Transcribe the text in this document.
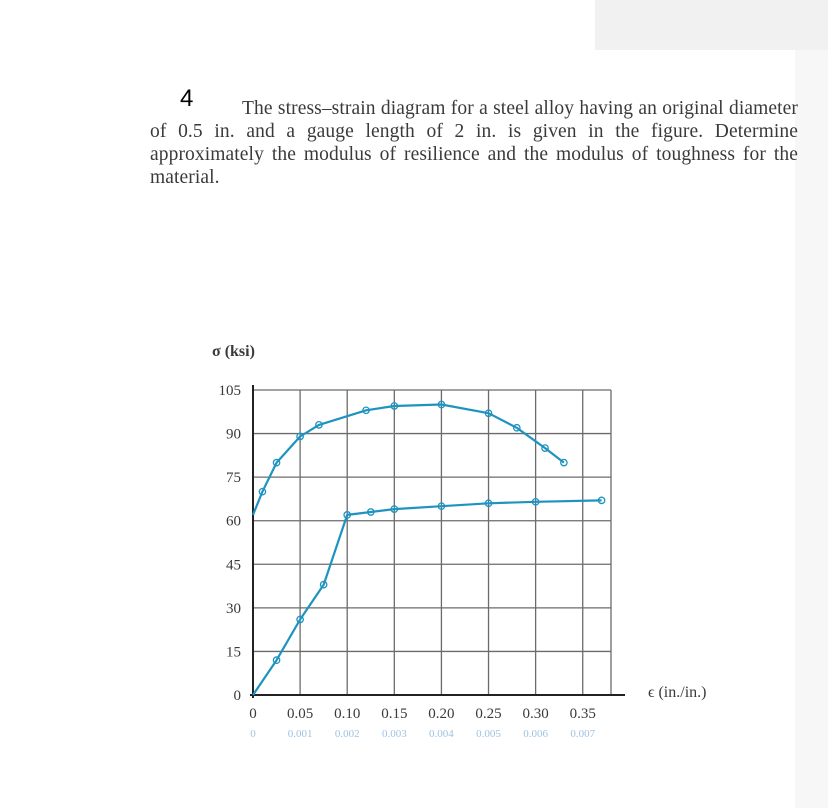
4	The stress–strain diagram for a steel alloy having an original diameter of 0.5 in. and a gauge length of 2 in. is given in the figure. Determine approximately the modulus of resilience and the modulus of toughness for the material.
0
15
30
45
60
75
90
105
0 0.05 0.10 0.15 0.20 0.25 0.30 0.35
0	0.001 0.002 0.003 0.004 0.005 0.006 0.007
σ (ksi)
ϵ (in./in.)
